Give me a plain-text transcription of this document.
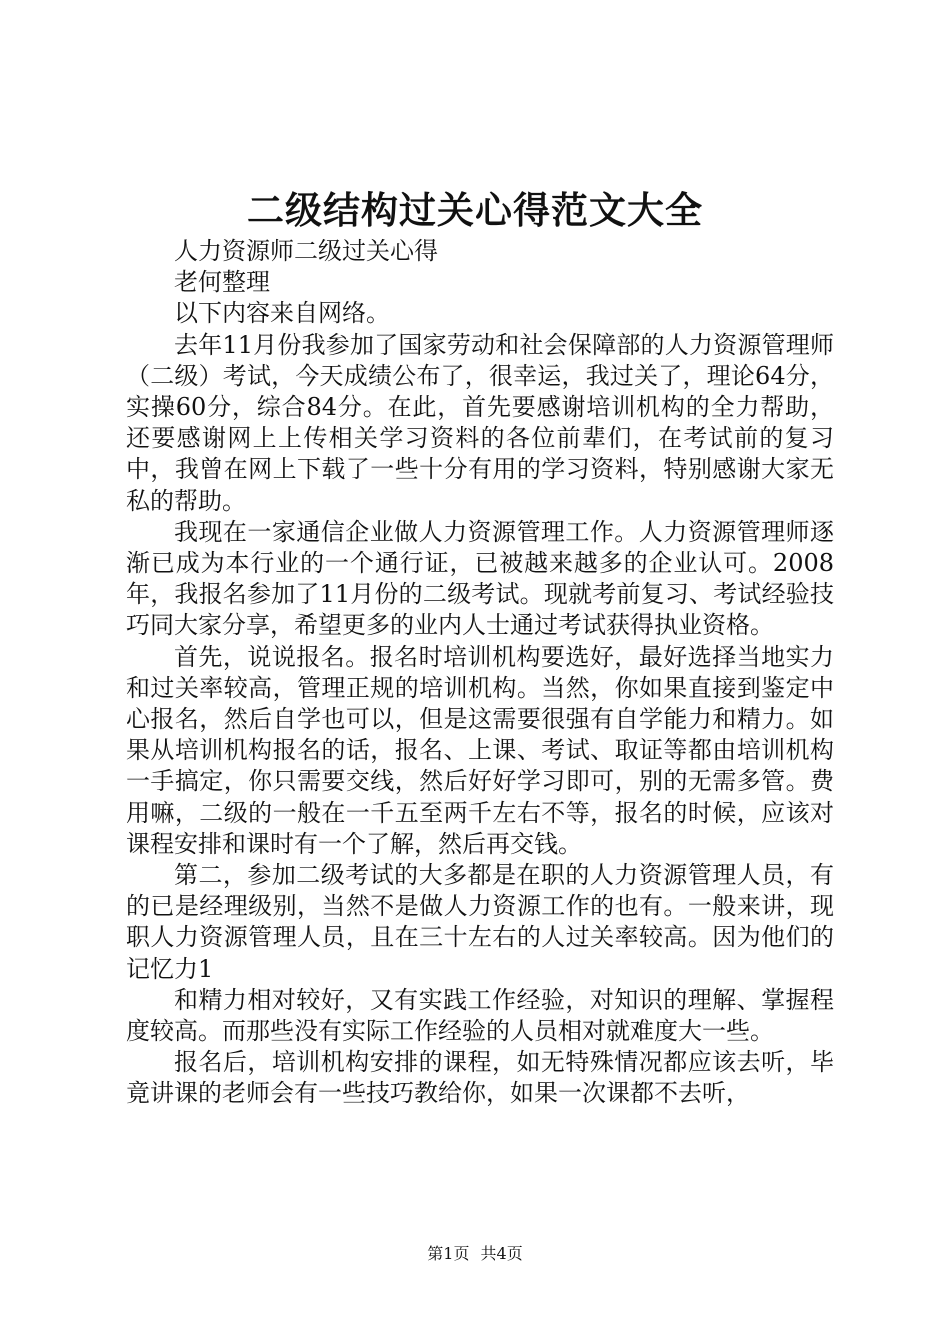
二级结构过关心得范文大全

人力资源师二级过关心得

老何整理

以下内容来自网络。

去年11月份我参加了国家劳动和社会保障部的人力资源管理师（二级）考试，今天成绩公布了，很幸运，我过关了，理论64分，实操60分，综合84分。在此，首先要感谢培训机构的全力帮助，还要感谢网上上传相关学习资料的各位前辈们，在考试前的复习中，我曾在网上下载了一些十分有用的学习资料，特别感谢大家无私的帮助。

我现在一家通信企业做人力资源管理工作。人力资源管理师逐渐已成为本行业的一个通行证，已被越来越多的企业认可。2008年，我报名参加了11月份的二级考试。现就考前复习、考试经验技巧同大家分享，希望更多的业内人士通过考试获得执业资格。

首先，说说报名。报名时培训机构要选好，最好选择当地实力和过关率较高，管理正规的培训机构。当然，你如果直接到鉴定中心报名，然后自学也可以，但是这需要很强有自学能力和精力。如果从培训机构报名的话，报名、上课、考试、取证等都由培训机构一手搞定，你只需要交线，然后好好学习即可，别的无需多管。费用嘛，二级的一般在一千五至两千左右不等，报名的时候，应该对课程安排和课时有一个了解，然后再交钱。

第二，参加二级考试的大多都是在职的人力资源管理人员，有的已是经理级别，当然不是做人力资源工作的也有。一般来讲，现职人力资源管理人员，且在三十左右的人过关率较高。因为他们的记忆力1

和精力相对较好，又有实践工作经验，对知识的理解、掌握程度较高。而那些没有实际工作经验的人员相对就难度大一些。

报名后，培训机构安排的课程，如无特殊情况都应该去听，毕竟讲课的老师会有一些技巧教给你，如果一次课都不去听，

第1页 共4页
